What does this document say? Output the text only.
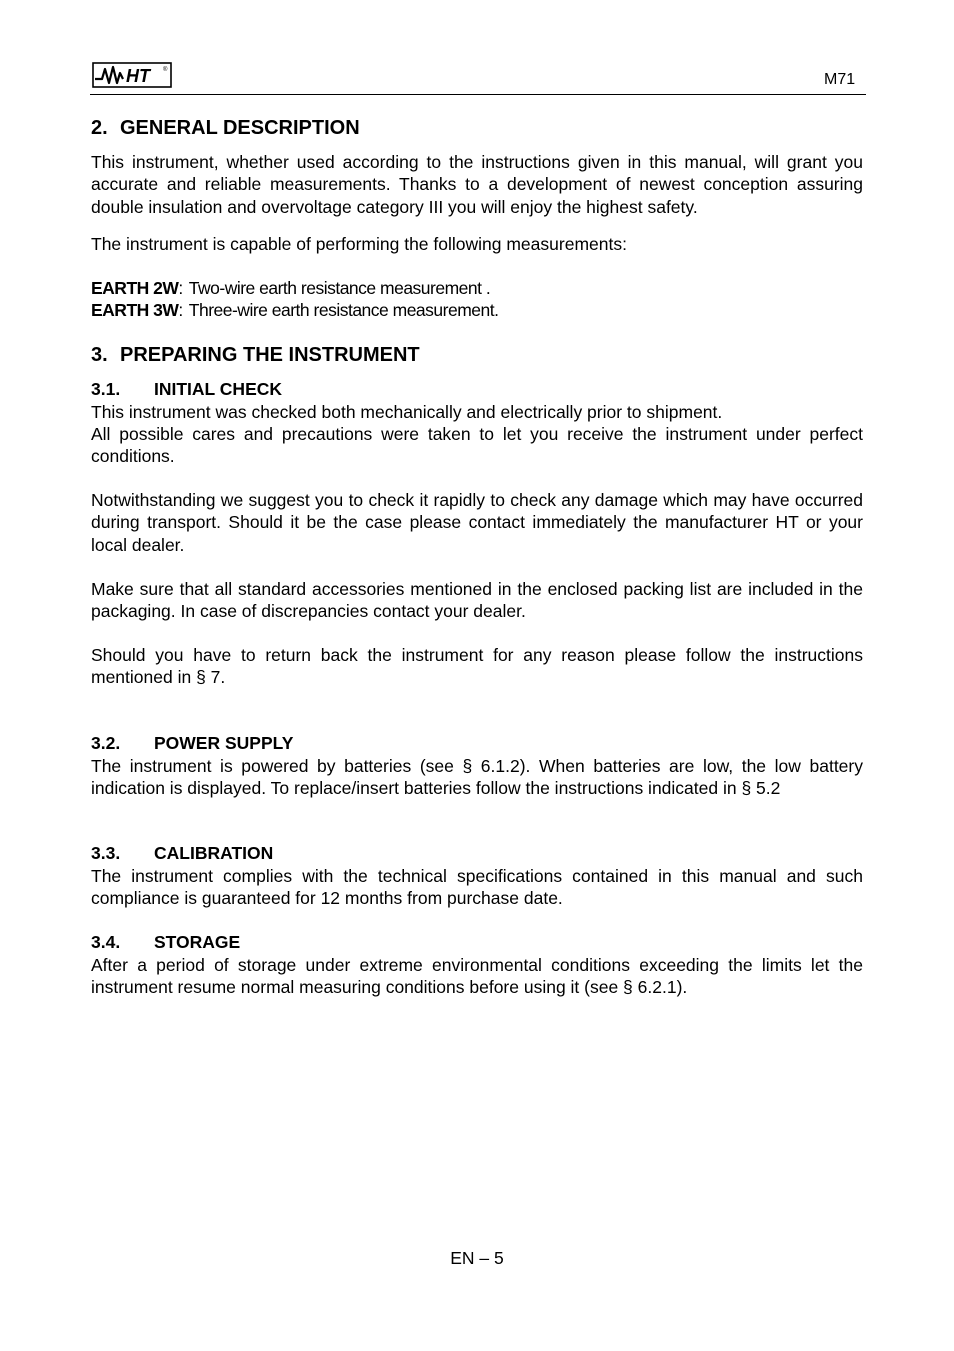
HT	®
M71
2. GENERAL DESCRIPTION
This instrument, whether used according to the instructions given in this manual, will grant you accurate and reliable measurements. Thanks to a development of newest conception assuring double insulation and overvoltage category III you will enjoy the highest safety.
The instrument is capable of performing the following measurements:
EARTH 2W: Two-wire earth resistance measurement .
EARTH 3W: Three-wire earth resistance measurement.
3. PREPARING THE INSTRUMENT
3.1. INITIAL CHECK
This instrument was checked both mechanically and electrically prior to shipment.
All possible cares and precautions were taken to let you receive the instrument under perfect conditions.
Notwithstanding we suggest you to check it rapidly to check any damage which may have occurred during transport. Should it be the case please contact immediately the manufacturer HT or your local dealer.
Make sure that all standard accessories mentioned in the enclosed packing list are included in the packaging. In case of discrepancies contact your dealer.
Should you have to return back the instrument for any reason please follow the instructions mentioned in § 7.
3.2. POWER SUPPLY
The instrument is powered by batteries (see § 6.1.2). When batteries are low, the low battery indication is displayed. To replace/insert batteries follow the instructions indicated in § 5.2
3.3. CALIBRATION
The instrument complies with the technical specifications contained in this manual and such compliance is guaranteed for 12 months from purchase date.
3.4. STORAGE
After a period of storage under extreme environmental conditions exceeding the limits let the instrument resume normal measuring conditions before using it (see § 6.2.1).
EN – 5
